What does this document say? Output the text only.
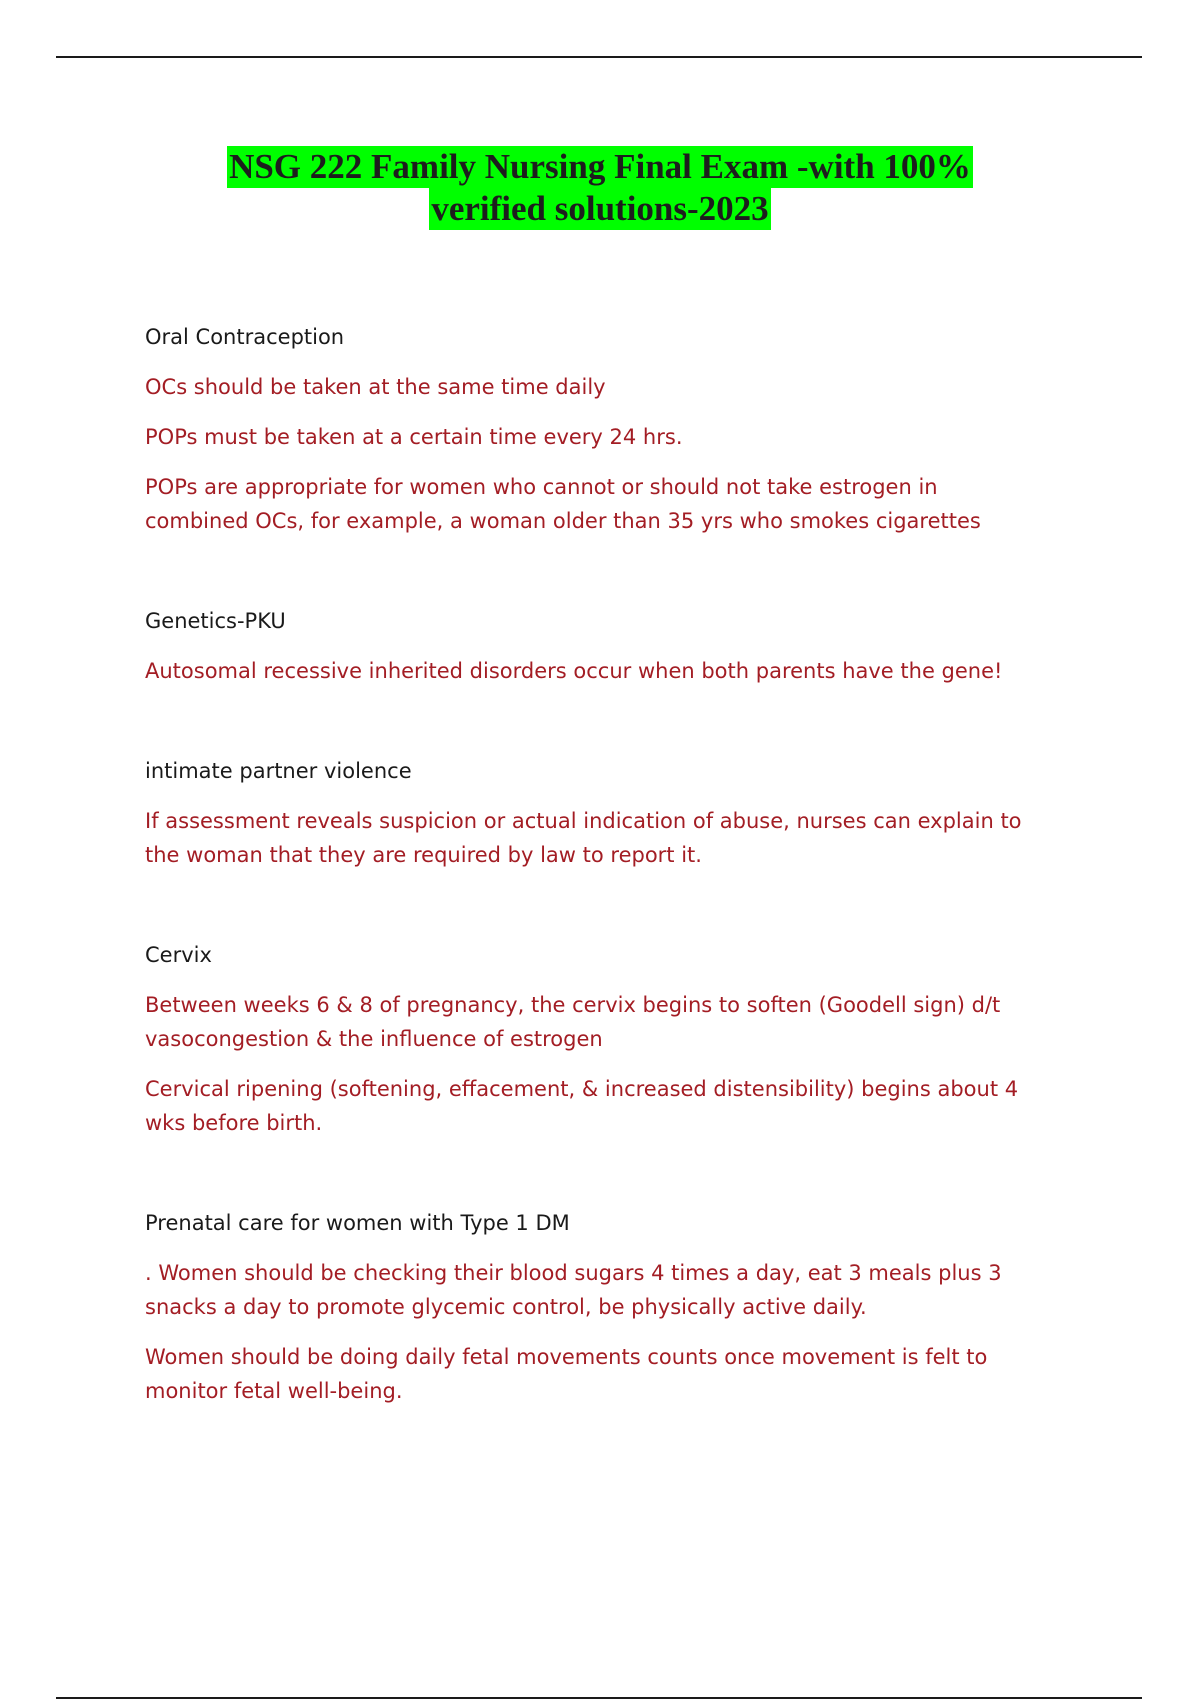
NSG 222 Family Nursing Final Exam -with 100%
verified solutions-2023
Oral Contraception
OCs should be taken at the same time daily
POPs must be taken at a certain time every 24 hrs.
POPs are appropriate for women who cannot or should not take estrogen in combined OCs, for example, a woman older than 35 yrs who smokes cigarettes
Genetics-PKU
Autosomal recessive inherited disorders occur when both parents have the gene!
intimate partner violence
If assessment reveals suspicion or actual indication of abuse, nurses can explain to the woman that they are required by law to report it.
Cervix
Between weeks 6 & 8 of pregnancy, the cervix begins to soften (Goodell sign) d/t vasocongestion & the influence of estrogen
Cervical ripening (softening, effacement, & increased distensibility) begins about 4 wks before birth.
Prenatal care for women with Type 1 DM
. Women should be checking their blood sugars 4 times a day, eat 3 meals plus 3 snacks a day to promote glycemic control, be physically active daily.
Women should be doing daily fetal movements counts once movement is felt to monitor fetal well-being.
